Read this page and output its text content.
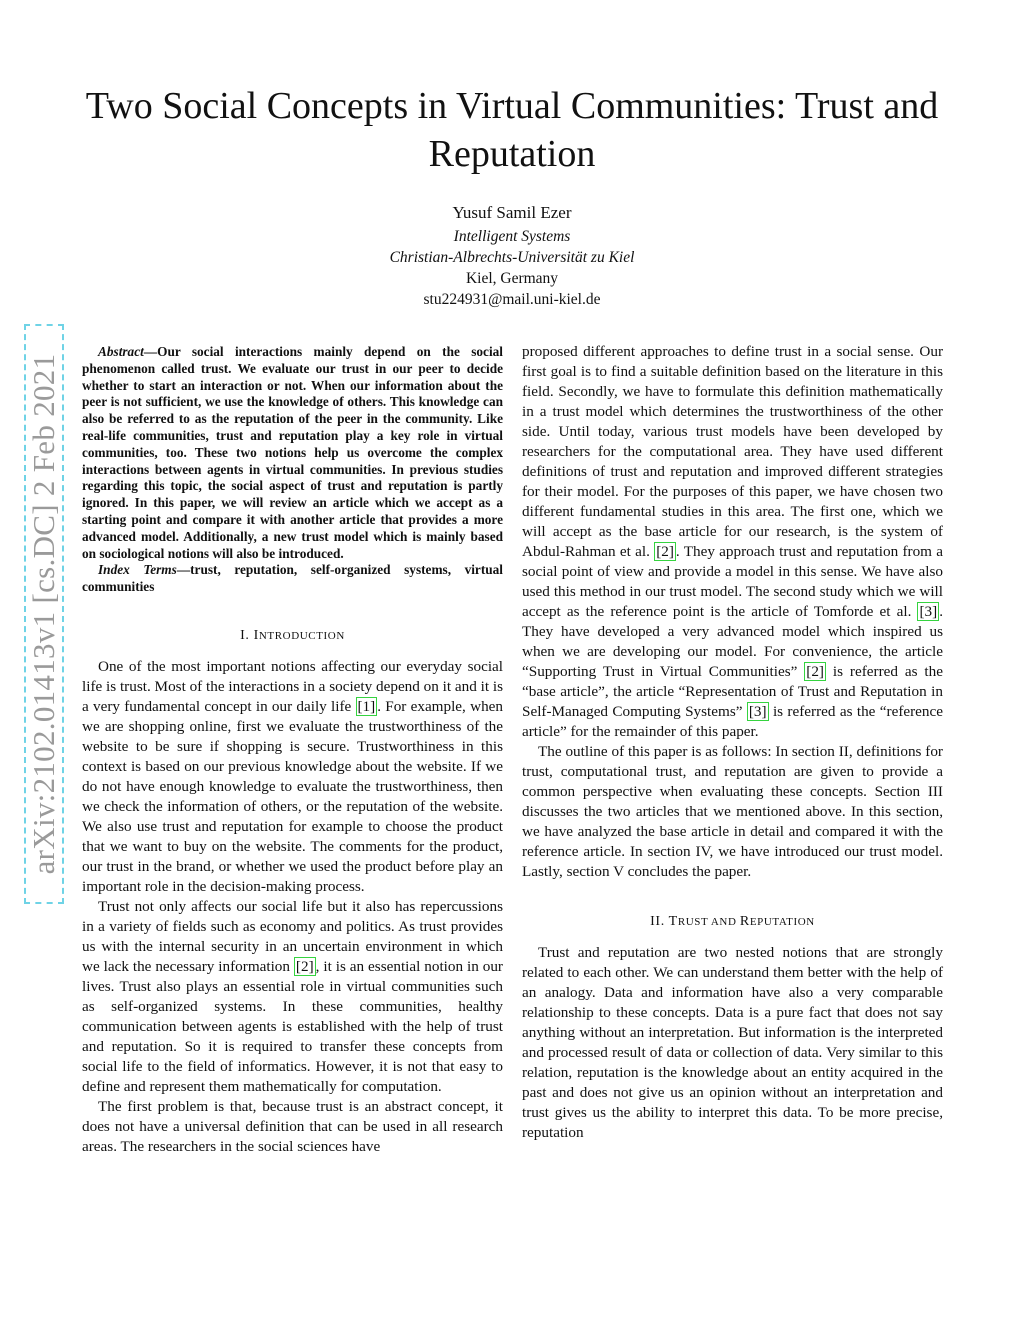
arXiv:2102.01413v1 [cs.DC] 2 Feb 2021
Two Social Concepts in Virtual Communities: Trust and Reputation
Yusuf Samil Ezer
Intelligent Systems
Christian-Albrechts-Universität zu Kiel
Kiel, Germany
stu224931@mail.uni-kiel.de

Abstract—Our social interactions mainly depend on the social phenomenon called trust. We evaluate our trust in our peer to decide whether to start an interaction or not. When our information about the peer is not sufficient, we use the knowledge of others. This knowledge can also be referred to as the reputation of the peer in the community. Like real-life communities, trust and reputation play a key role in virtual communities, too. These two notions help us overcome the complex interactions between agents in virtual communities. In previous studies regarding this topic, the social aspect of trust and reputation is partly ignored. In this paper, we will review an article which we accept as a starting point and compare it with another article that provides a more advanced model. Additionally, a new trust model which is mainly based on sociological notions will also be introduced.

Index Terms—trust, reputation, self-organized systems, virtual communities

I. INTRODUCTION

One of the most important notions affecting our everyday social life is trust. Most of the interactions in a society depend on it and it is a very fundamental concept in our daily life [1] . For example, when we are shopping online, first we evaluate the trustworthiness of the website to be sure if shopping is secure. Trustworthiness in this context is based on our previous knowledge about the website. If we do not have enough knowledge to evaluate the trustworthiness, then we check the information of others, or the reputation of the website. We also use trust and reputation for example to choose the product that we want to buy on the website. The comments for the product, our trust in the brand, or whether we used the product before play an important role in the decision-making process.

Trust not only affects our social life but it also has repercussions in a variety of fields such as economy and politics. As trust provides us with the internal security in an uncertain environment in which we lack the necessary information [2] , it is an essential notion in our lives. Trust also plays an essential role in virtual communities such as self-organized systems. In these communities, healthy communication between agents is established with the help of trust and reputation. So it is required to transfer these concepts from social life to the field of informatics. However, it is not that easy to define and represent them mathematically for computation.

The first problem is that, because trust is an abstract concept, it does not have a universal definition that can be used in all research areas. The researchers in the social sciences have

proposed different approaches to define trust in a social sense. Our first goal is to find a suitable definition based on the literature in this field. Secondly, we have to formulate this definition mathematically in a trust model which determines the trustworthiness of the other side. Until today, various trust models have been developed by researchers for the computational area. They have used different definitions of trust and reputation and improved different strategies for their model. For the purposes of this paper, we have chosen two different fundamental studies in this area. The first one, which we will accept as the base article for our research, is the system of Abdul-Rahman et al. [2] . They approach trust and reputation from a social point of view and provide a model in this sense. We have also used this method in our trust model. The second study which we will accept as the reference point is the article of Tomforde et al. [3] . They have developed a very advanced model which inspired us when we are developing our model. For convenience, the article “Supporting Trust in Virtual Communities” [2] is referred as the “base article”, the article “Representation of Trust and Reputation in Self-Managed Computing Systems” [3] is referred as the “reference article” for the remainder of this paper.

The outline of this paper is as follows: In section II, definitions for trust, computational trust, and reputation are given to provide a common perspective when evaluating these concepts. Section III discusses the two articles that we mentioned above. In this section, we have analyzed the base article in detail and compared it with the reference article. In section IV, we have introduced our trust model. Lastly, section V concludes the paper.

II. TRUST AND REPUTATION

Trust and reputation are two nested notions that are strongly related to each other. We can understand them better with the help of an analogy. Data and information have also a very comparable relationship to these concepts. Data is a pure fact that does not say anything without an interpretation. But information is the interpreted and processed result of data or collection of data. Very similar to this relation, reputation is the knowledge about an entity acquired in the past and does not give us an opinion without an interpretation and trust gives us the ability to interpret this data. To be more precise, reputation
